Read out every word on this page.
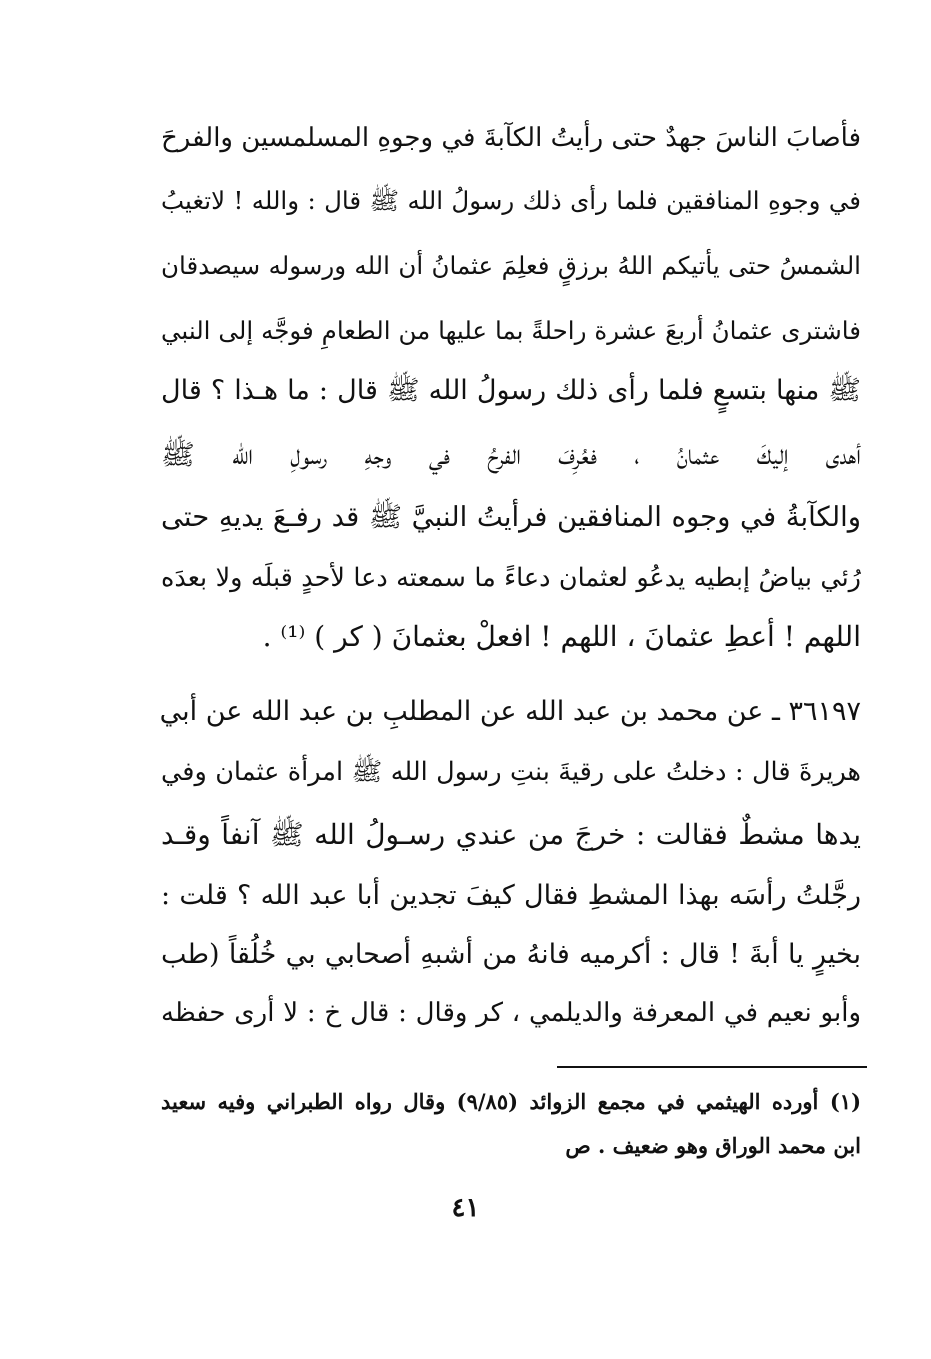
فأصابَ الناسَ جهدٌ حتى رأيتُ الكآبةَ في وجوهِ المسلمسين والفرحَ
في وجوهِ المنافقين فلما رأى ذلك رسولُ الله ﷺ قال : والله ! لاتغيبُ
الشمسُ حتى يأتيكم اللهُ برزقٍ فعلِمَ عثمانُ أن الله ورسوله سيصدقان
فاشترى عثمانُ أربعَ عشرة راحلةً بما عليها من الطعامِ فوجَّه إلى النبي
ﷺ منها بتسعٍ فلما رأى ذلك رسولُ الله ﷺ قال : ما هـذا ؟ قال
أهدى إليكَ عثمانُ ، فعُرِفَ الفرحُ في وجهِ رسولِ الله ﷺ
والكآبةُ في وجوه المنافقين فرأيتُ النبيَّ ﷺ قد رفـعَ يديهِ حتى
رُئي بياضُ إبطيه يدعُو لعثمان دعاءً ما سمعته دعا لأحدٍ قبلَه ولا بعدَه
اللهم ! أعطِ عثمانَ ، اللهم ! افعلْ بعثمانَ ( كر ) ⁽¹⁾ .
٣٦١٩٧ ـ عن محمد بن عبد الله عن المطلبِ بن عبد الله عن أبي
هريرةَ قال : دخلتُ على رقيةَ بنتِ رسول الله ﷺ امرأة عثمان وفي
يدها مشطٌ فقالت : خرجَ من عندي رسـولُ الله ﷺ آنفاً وقـد
رجَّلتُ رأسَه بهذا المشطِ فقال كيفَ تجدين أبا عبد الله ؟ قلت :
بخيرٍ يا أبةَ ! قال : أكرميه فانهُ من أشبهِ أصحابي بي خُلُقاً (طب
وأبو نعيم في المعرفة والديلمي ، كر وقال : قال خ : لا أرى حفظه
(١) أورده الهيثمي في مجمع الزوائد (٩/٨٥) وقال رواه الطبراني وفيه سعيد
ابن محمد الوراق وهو ضعيف . ص
٤١
